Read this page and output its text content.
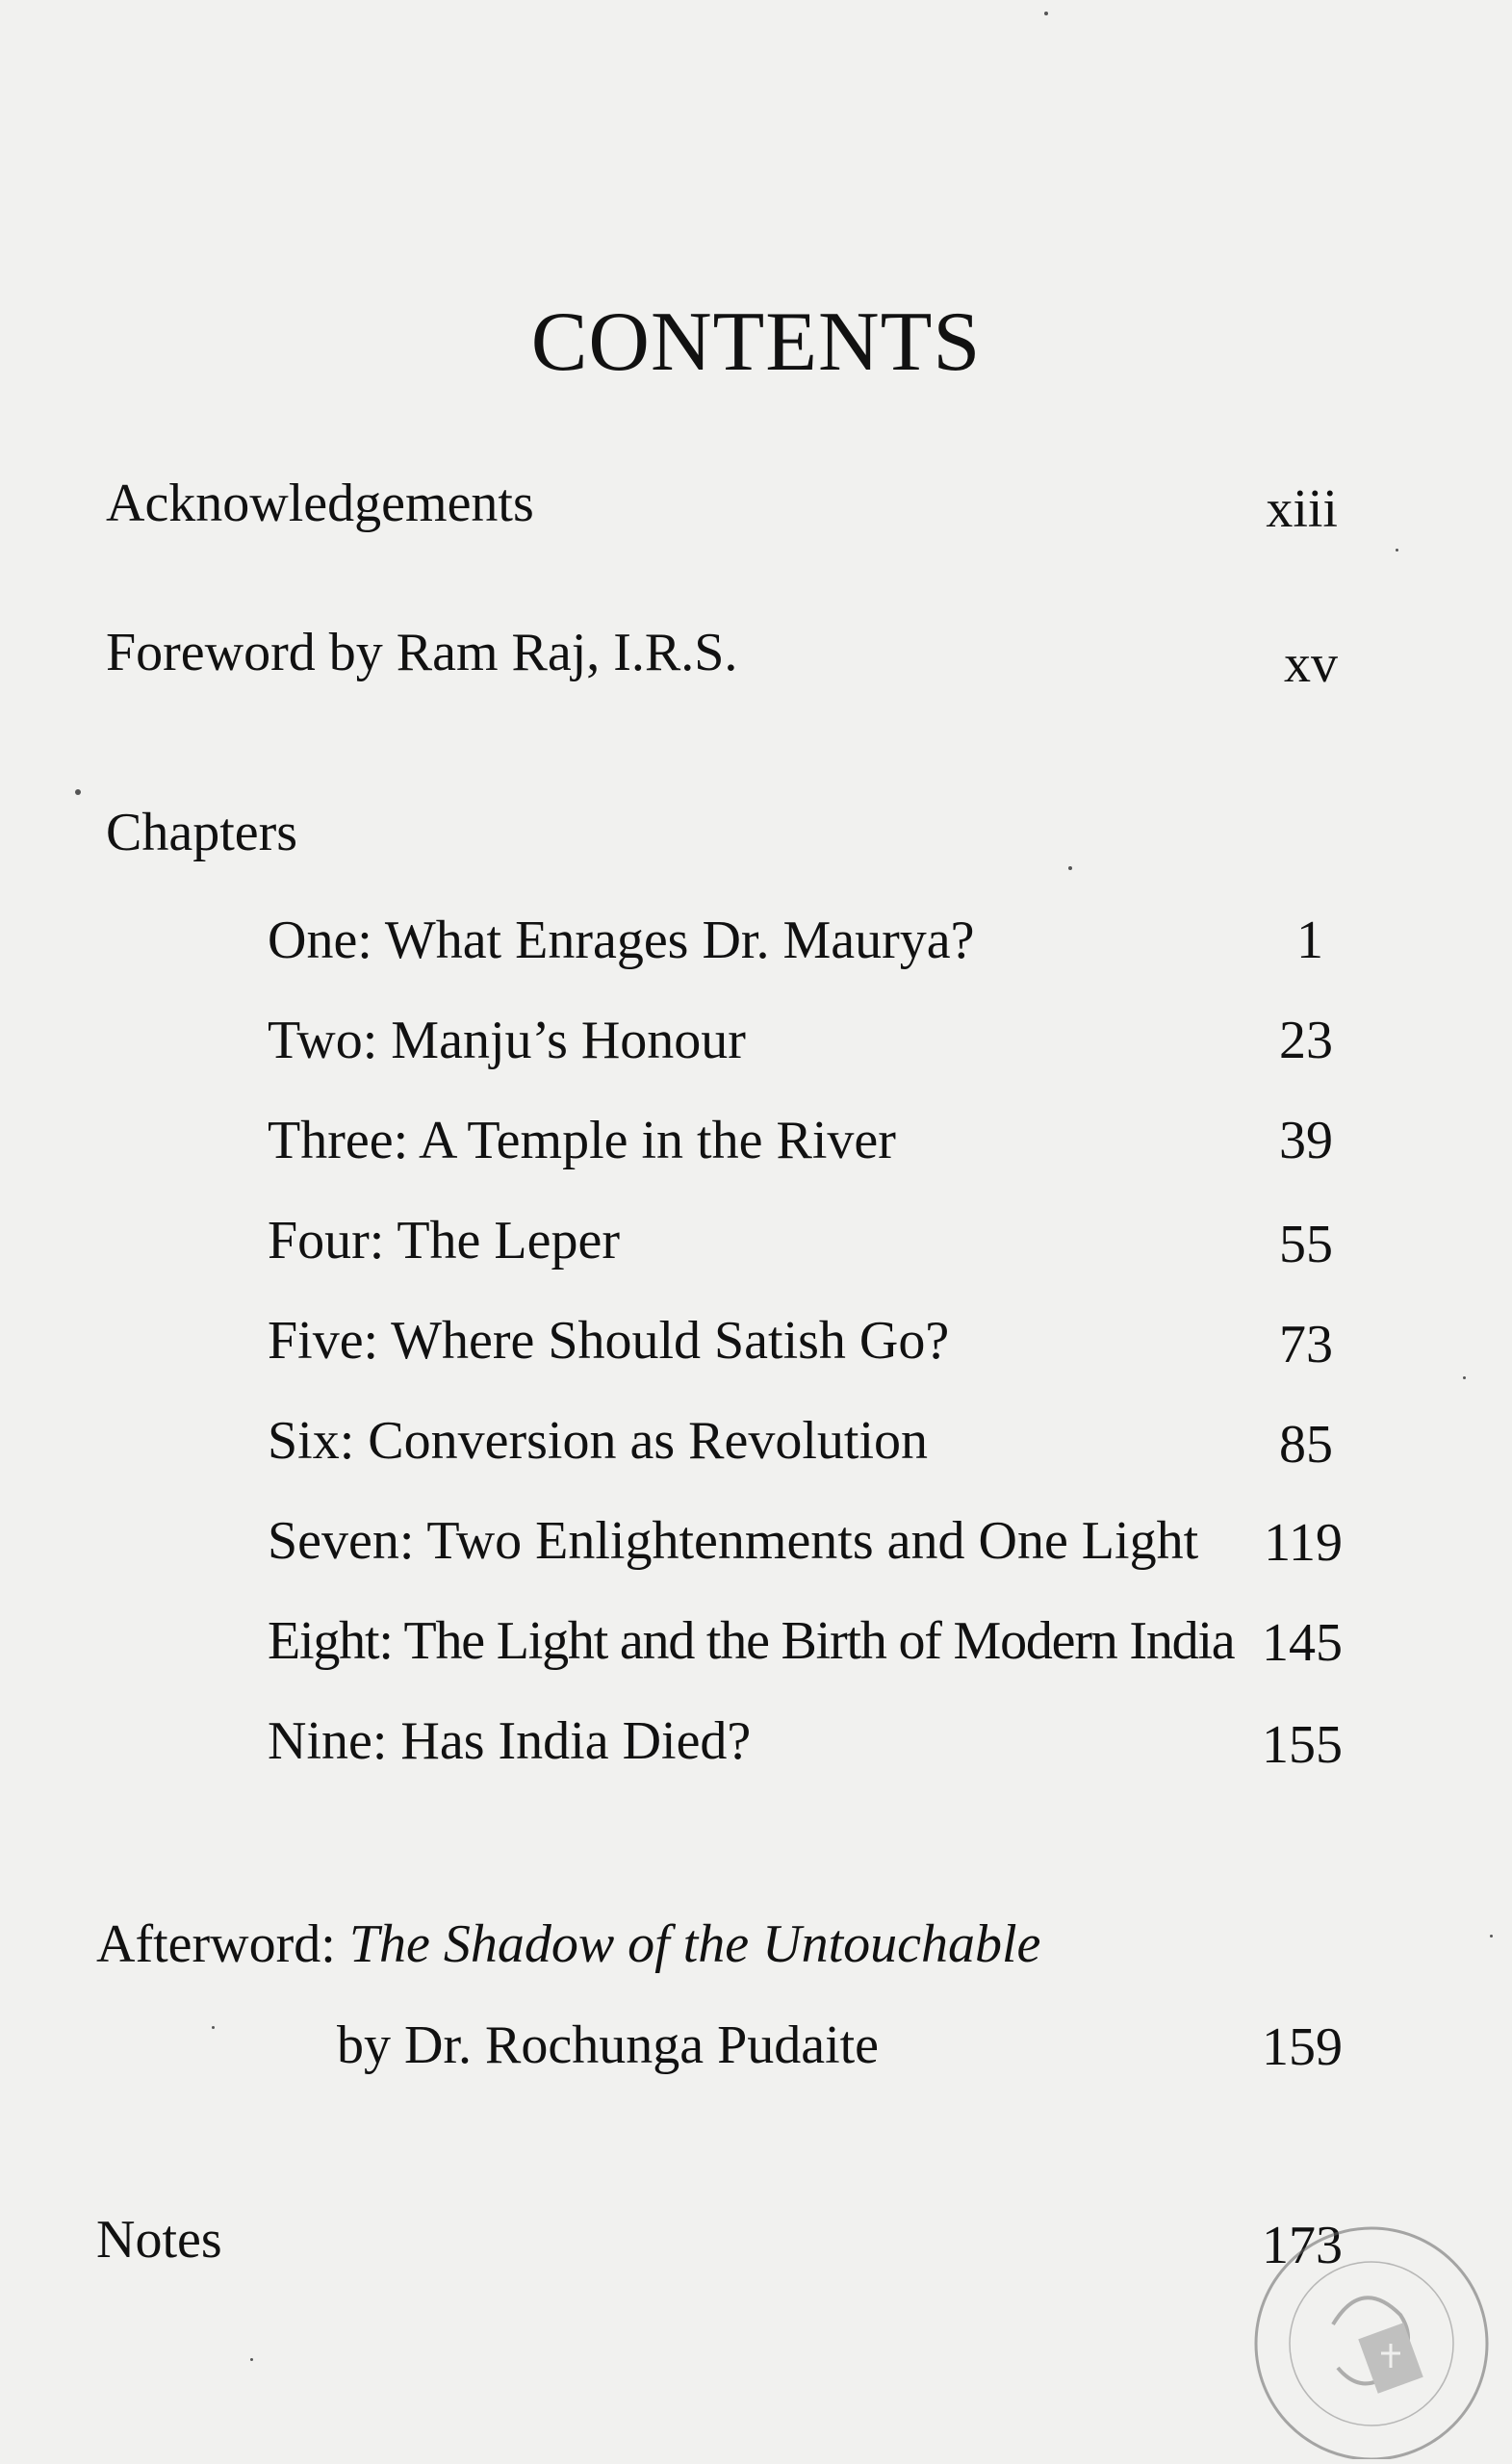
CONTENTS
Acknowledgements	xiii
Foreword by Ram Raj, I.R.S.	xv
Chapters
One: What Enrages Dr. Maurya?	1
Two: Manju’s Honour	23
Three: A Temple in the River	39
Four: The Leper	55
Five: Where Should Satish Go?	73
Six: Conversion as Revolution	85
Seven: Two Enlightenments and One Light	119
Eight: The Light and the Birth of Modern India 145
Nine: Has India Died?	155
Afterword: The Shadow of the Untouchable
by Dr. Rochunga Pudaite	159
Notes	173
